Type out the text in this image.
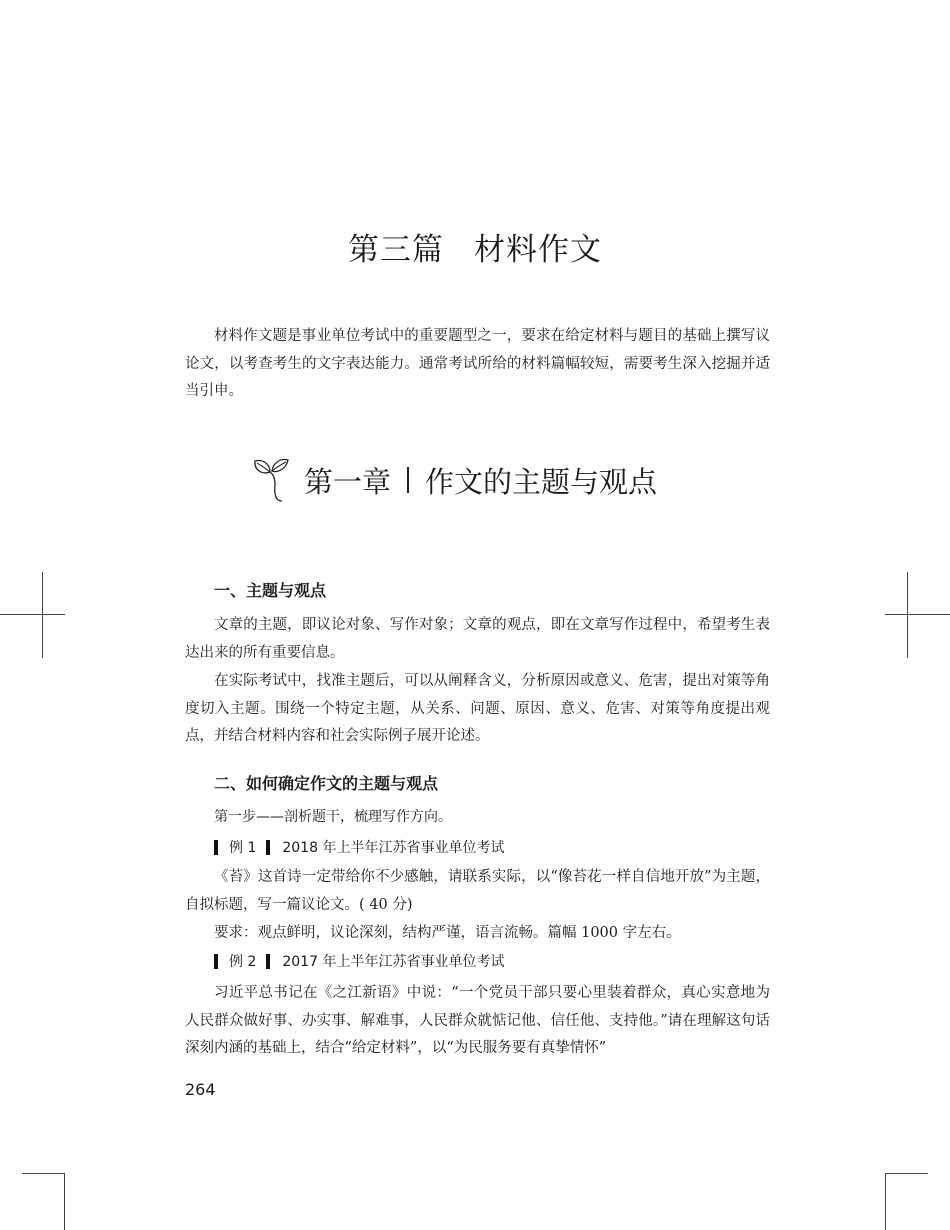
第三篇 材料作文

材料作文题是事业单位考试中的重要题型之一，要求在给定材料与题目的基础上撰写议论文，以考查考生的文字表达能力。通常考试所给的材料篇幅较短，需要考生深入挖掘并适当引申。

第一章 作文的主题与观点
一、主题与观点

文章的主题，即议论对象、写作对象；文章的观点，即在文章写作过程中，希望考生表达出来的所有重要信息。

在实际考试中，找准主题后，可以从阐释含义，分析原因或意义、危害，提出对策等角度切入主题。围绕一个特定主题，从关系、问题、原因、意义、危害、对策等角度提出观点，并结合材料内容和社会实际例子展开论述。

二、如何确定作文的主题与观点
第一步——剖析题干，梳理写作方向。
例 1 2018 年上半年江苏省事业单位考试

《苔》这首诗一定带给你不少感触，请联系实际，以“像苔花一样自信地开放”为主题，自拟标题，写一篇议论文。( 40 分)

要求：观点鲜明，议论深刻，结构严谨，语言流畅。篇幅 1000 字左右。

例 2 2017 年上半年江苏省事业单位考试

习近平总书记在《之江新语》中说：“一个党员干部只要心里装着群众，真心实意地为人民群众做好事、办实事、解难事，人民群众就惦记他、信任他、支持他。”请在理解这句话深刻内涵的基础上，结合“给定材料”，以“为民服务要有真挚情怀”

264
